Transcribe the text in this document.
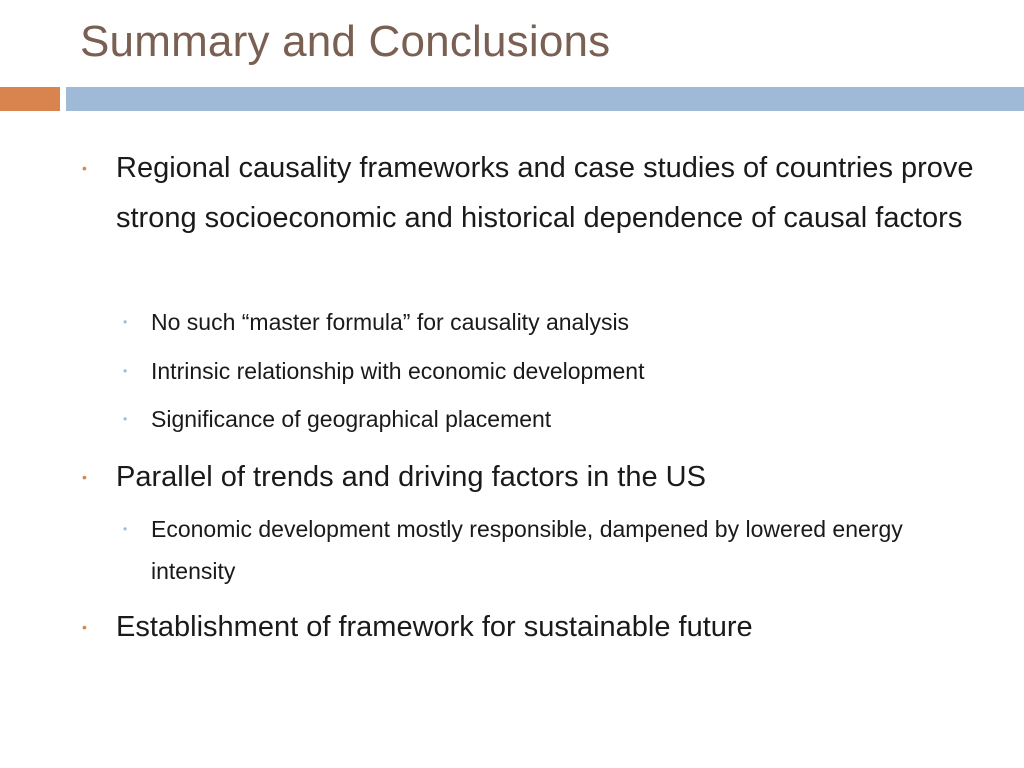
Summary and Conclusions
• Regional causality frameworks and case studies of countries prove strong socioeconomic and historical dependence of causal factors
• No such “master formula” for causality analysis
• Intrinsic relationship with economic development
• Significance of geographical placement
• Parallel of trends and driving factors in the US
• Economic development mostly responsible, dampened by lowered energy intensity
• Establishment of framework for sustainable future
